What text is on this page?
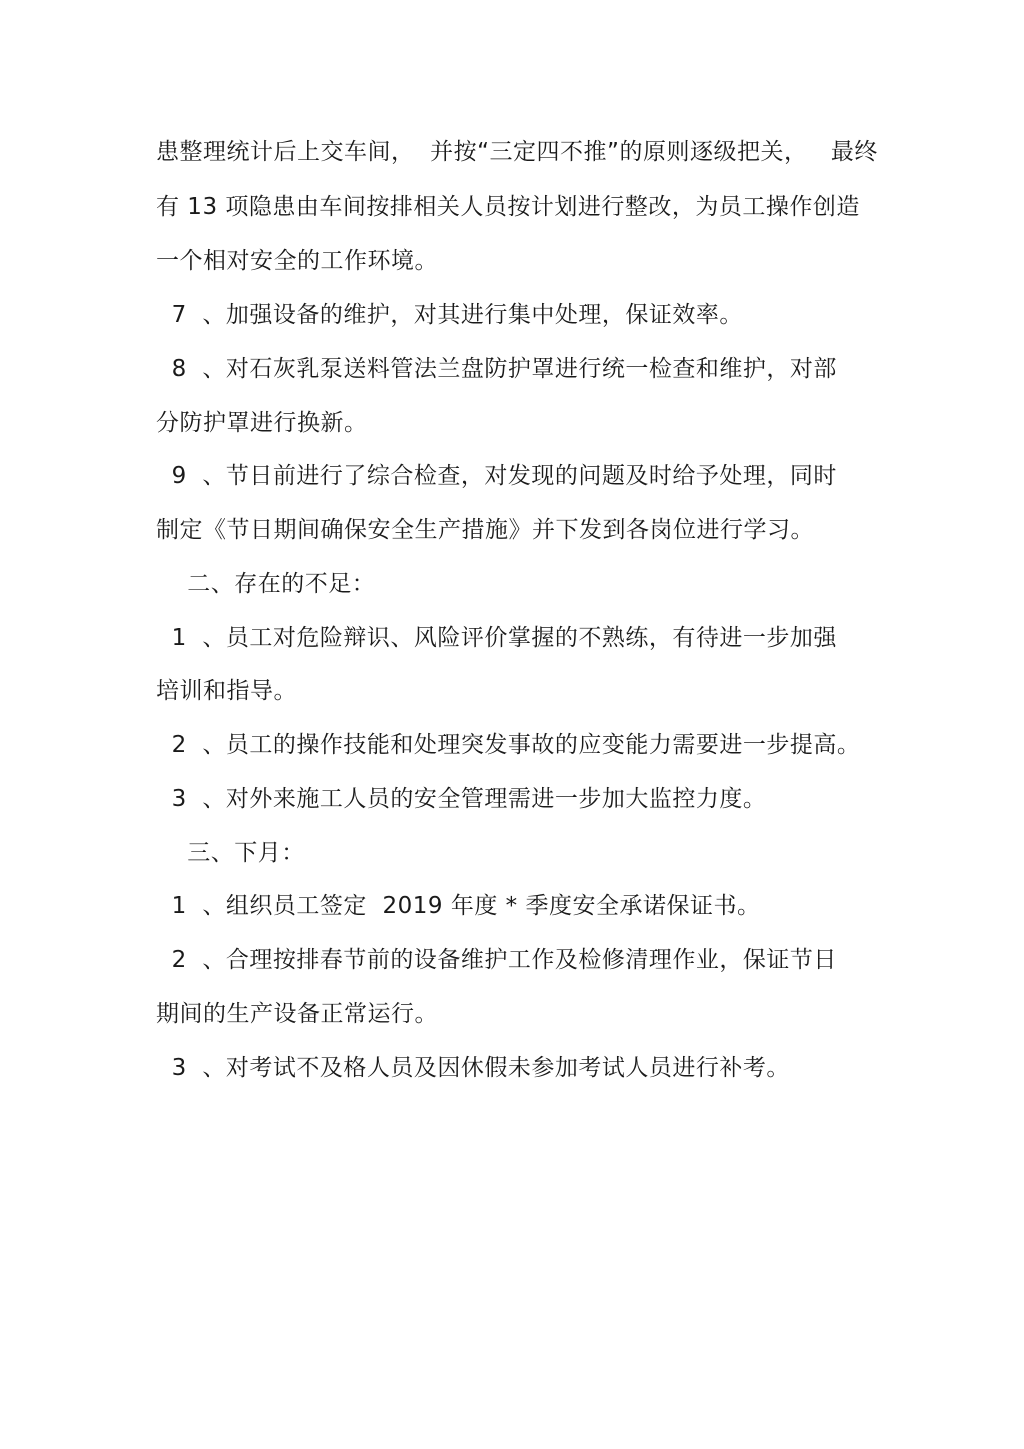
患整理统计后上交车间，  并按“三定四不推”的原则逐级把关，   最终
有 13 项隐患由车间按排相关人员按计划进行整改，为员工操作创造
一个相对安全的工作环境。
7  、加强设备的维护，对其进行集中处理，保证效率。
8  、对石灰乳泵送料管法兰盘防护罩进行统一检查和维护，对部
分防护罩进行换新。
9  、节日前进行了综合检查，对发现的问题及时给予处理，同时
制定《节日期间确保安全生产措施》并下发到各岗位进行学习。
二、存在的不足：
1  、员工对危险辩识、风险评价掌握的不熟练，有待进一步加强
培训和指导。
2  、员工的操作技能和处理突发事故的应变能力需要进一步提高。
3  、对外来施工人员的安全管理需进一步加大监控力度。
三、下月：
1  、组织员工签定  2019 年度 * 季度安全承诺保证书。
2  、合理按排春节前的设备维护工作及检修清理作业，保证节日
期间的生产设备正常运行。
3  、对考试不及格人员及因休假未参加考试人员进行补考。
